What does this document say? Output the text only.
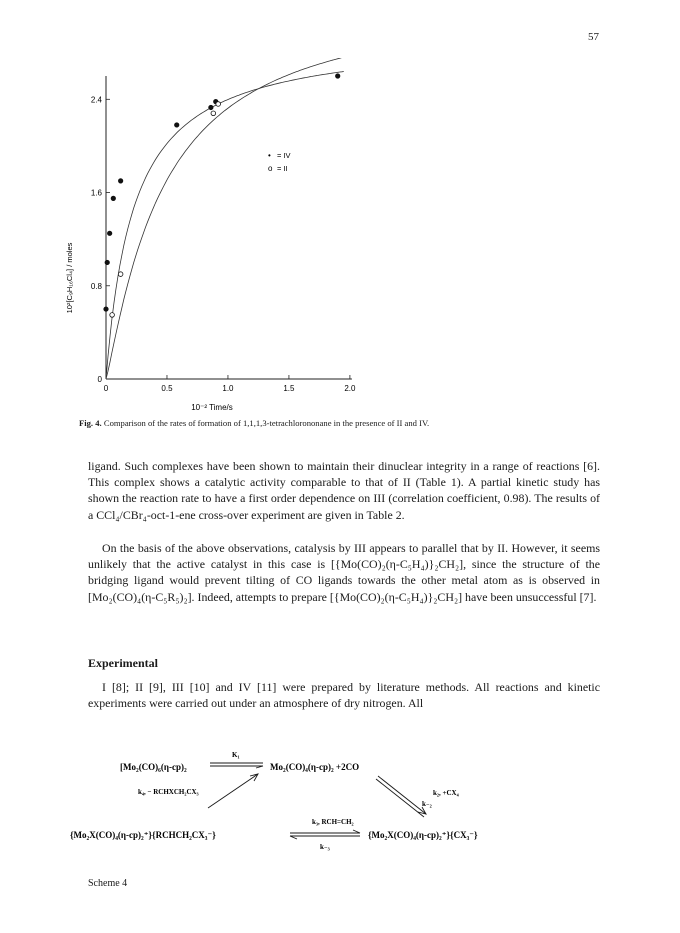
57
0	0.5	1.0	1.5	2.0
0
0.8
1.6
2.4
• = IV
o = II
10²[C₉H₁₆Cl₄] / moles
10⁻² Time/s
Fig. 4. Comparison of the rates of formation of 1,1,1,3-tetrachlorononane in the presence of II and IV.

ligand. Such complexes have been shown to maintain their dinuclear integrity in a range of reactions [6]. This complex shows a catalytic activity comparable to that of II (Table 1). A partial kinetic study has shown the reaction rate to have a first order dependence on III (correlation coefficient, 0.98). The results of a CCl₄/CBr₄-oct-1-ene cross-over experiment are given in Table 2.

On the basis of the above observations, catalysis by III appears to parallel that by II. However, it seems unlikely that the active catalyst in this case is [{Mo(CO)₂(η-C₅H₄)}₂CH₂], since the structure of the bridging ligand would prevent tilting of CO ligands towards the other metal atom as is observed in [Mo₂(CO)₄(η-C₅R₅)₂]. Indeed, attempts to prepare [{Mo(CO)₂(η-C₅H₄)}₂CH₂] have been unsuccessful [7].

Experimental

I [8]; II [9], III [10] and IV [11] were prepared by literature methods. All reactions and kinetic experiments were carried out under an atmosphere of dry nitrogen. All

[Mo₂(CO)₆(η-cp)₂
K₁
Mo₂(CO)₄(η-cp)₂ +2CO
k₄, − RCHXCH₂CX₃	k₂, +CX₄
k₋₂
{Mo₂X(CO)₄(η-cp)₂⁺}{RCHCH₂CX₃⁻}
k₃, RCH=CH₂
k₋₃
{Mo₂X(CO)₄(η-cp)₂⁺}{CX₃⁻}
Scheme 4
